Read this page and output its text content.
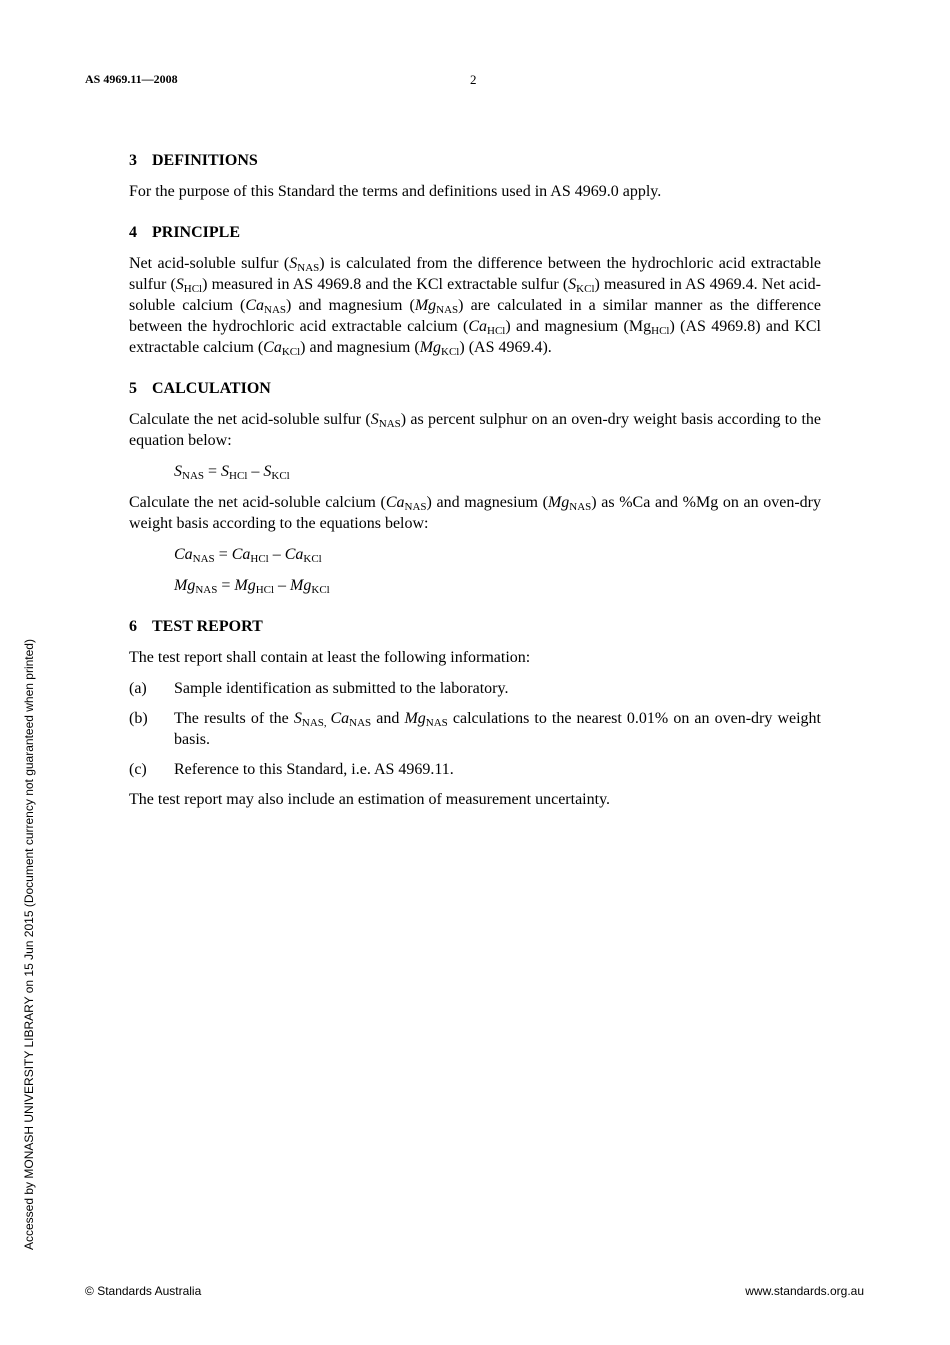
AS 4969.11—2008	2
Accessed by MONASH UNIVERSITY LIBRARY on 15 Jun 2015 (Document currency not guaranteed when printed)
3 DEFINITIONS

For the purpose of this Standard the terms and definitions used in AS 4969.0 apply.

4 PRINCIPLE

Net acid-soluble sulfur $(S_{NAS})$ is calculated from the difference between the hydrochloric acid extractable sulfur $(S_{HCl})$ measured in AS 4969.8 and the KCl extractable sulfur $(S_{KCl})$ measured in AS 4969.4. Net acid-soluble calcium $(Ca_{NAS})$ and magnesium $(Mg_{NAS})$ are calculated in a similar manner as the difference between the hydrochloric acid extractable calcium $(Ca_{HCl})$ and magnesium $(Mg_{HCl})$ (AS 4969.8) and KCl extractable calcium $(Ca_{KCl})$ and magnesium $(Mg_{KCl})$ (AS 4969.4).

5 CALCULATION

Calculate the net acid-soluble sulfur $(S_{NAS})$ as percent sulphur on an oven-dry weight basis according to the equation below:

$S_{NAS} = S_{HCl} - S_{KCl}$

Calculate the net acid-soluble calcium $(Ca_{NAS})$ and magnesium $(Mg_{NAS})$ as %Ca and %Mg on an oven-dry weight basis according to the equations below:

$Ca_{NAS} = Ca_{HCl} - Ca_{KCl}$
$Mg_{NAS} = Mg_{HCl} - Mg_{KCl}$
6 TEST REPORT

The test report shall contain at least the following information:

(a)	Sample identification as submitted to the laboratory.
(b)	The results of the $S_{NAS,}$ $Ca_{NAS}$ and $Mg_{NAS}$ calculations to the nearest 0.01% on an oven-dry weight basis.
(c)	Reference to this Standard, i.e. AS 4969.11.

The test report may also include an estimation of measurement uncertainty.

© Standards Australia	www.standards.org.au
